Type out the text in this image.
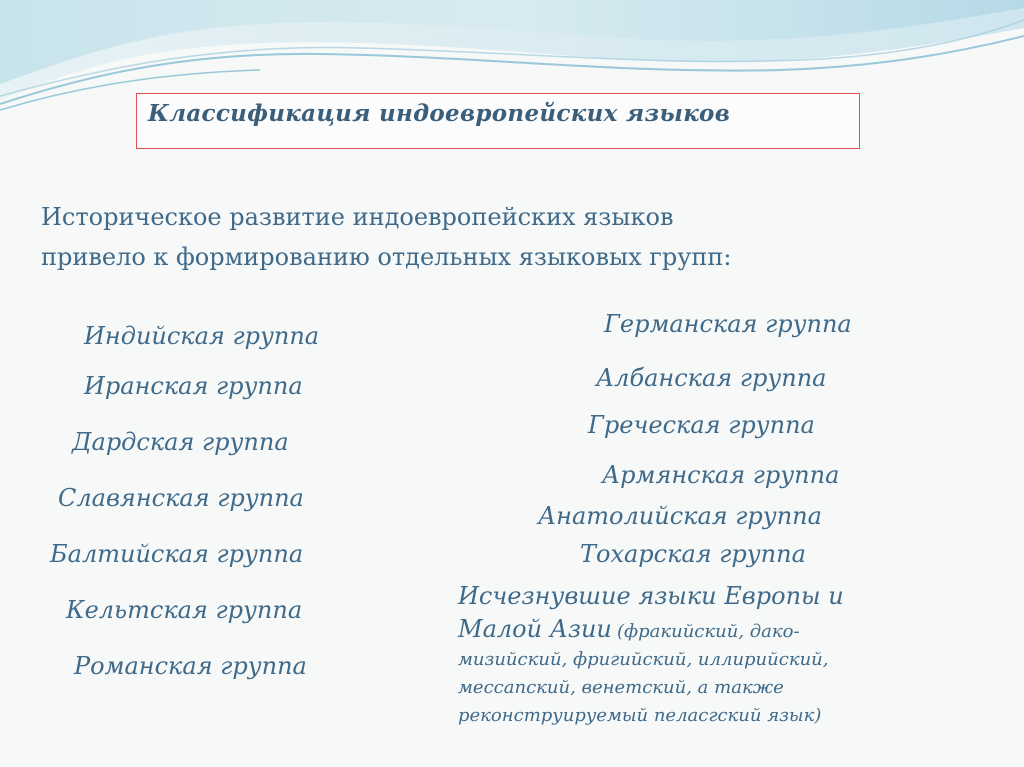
Классификация индоевропейских языков

Историческое развитие индоевропейских языков
привело к формированию отдельных языковых групп:

Индийская группа

Иранская группа

Дардская группа

Славянская группа

Балтийская группа

Кельтская группа

Романская группа

Германская группа

Албанская группа

Греческая группа

Армянская группа

Анатолийская группа

Тохарская группа

Исчезнувшие языки Европы и
Малой Азии (фракийский, дако-
мизийский, фригийский, иллирийский,
мессапский, венетский, а также
реконструируемый пеласгский язык)
